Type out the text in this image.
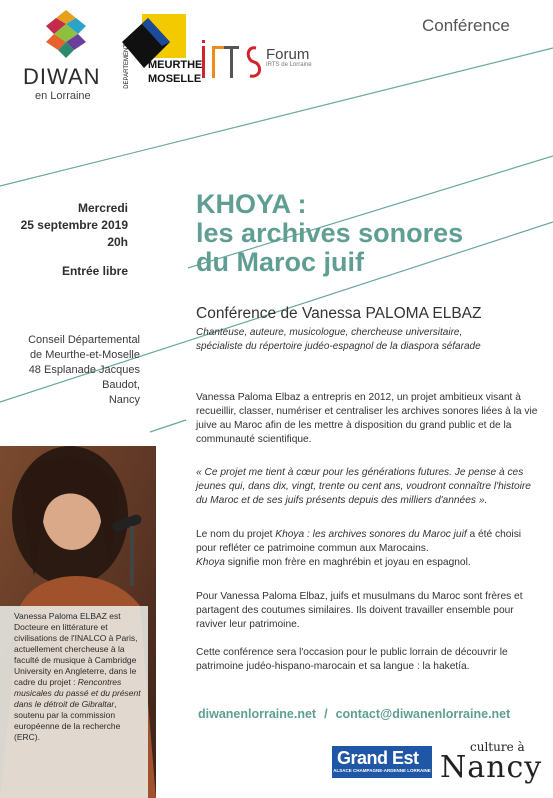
Conférence
DIWAN
en Lorraine
DÉPARTEMENT MEURTHE
MOSELLE
Forum
IRTS de Lorraine
Mercredi
25 septembre 2019
20h
Entrée libre
Conseil Départemental
de Meurthe-et-Moselle
48 Esplanade Jacques Baudot,
Nancy
KHOYA :
les archives sonores
du Maroc juif
Conférence de Vanessa PALOMA ELBAZ
Chanteuse, auteure, musicologue, chercheuse universitaire,
spécialiste du répertoire judéo-espagnol de la diaspora séfarade
Vanessa Paloma Elbaz a entrepris en 2012, un projet ambitieux visant à recueillir, classer, numériser et centraliser les archives sonores liées à la vie juive au Maroc afin de les mettre à disposition du grand public et de la communauté scientifique.
« Ce projet me tient à cœur pour les générations futures. Je pense à ces jeunes qui, dans dix, vingt, trente ou cent ans, voudront connaître l'histoire du Maroc et de ses juifs présents depuis des milliers d'années ».
Le nom du projet Khoya : les archives sonores du Maroc juif a été choisi pour refléter ce patrimoine commun aux Marocains.
Khoya signifie mon frère en maghrébin et joyau en espagnol.
Pour Vanessa Paloma Elbaz, juifs et musulmans du Maroc sont frères et partagent des coutumes similaires. Ils doivent travailler ensemble pour raviver leur patrimoine.
Cette conférence sera l'occasion pour le public lorrain de découvrir le patrimoine judéo-hispano-marocain et sa langue : la haketía.
diwanenlorraine.net / contact@diwanenlorraine.net
Vanessa Paloma ELBAZ est Docteure en littérature et civilisations de l'INALCO à Paris, actuellement chercheuse à la faculté de musique à Cambridge University en Angleterre, dans le cadre du projet : Rencontres musicales du passé et du présent dans le détroit de Gibraltar, soutenu par la commission européenne de la recherche (ERC).
Grand Est
ALSACE CHAMPAGNE-ARDENNE LORRAINE
culture à
Nancy
